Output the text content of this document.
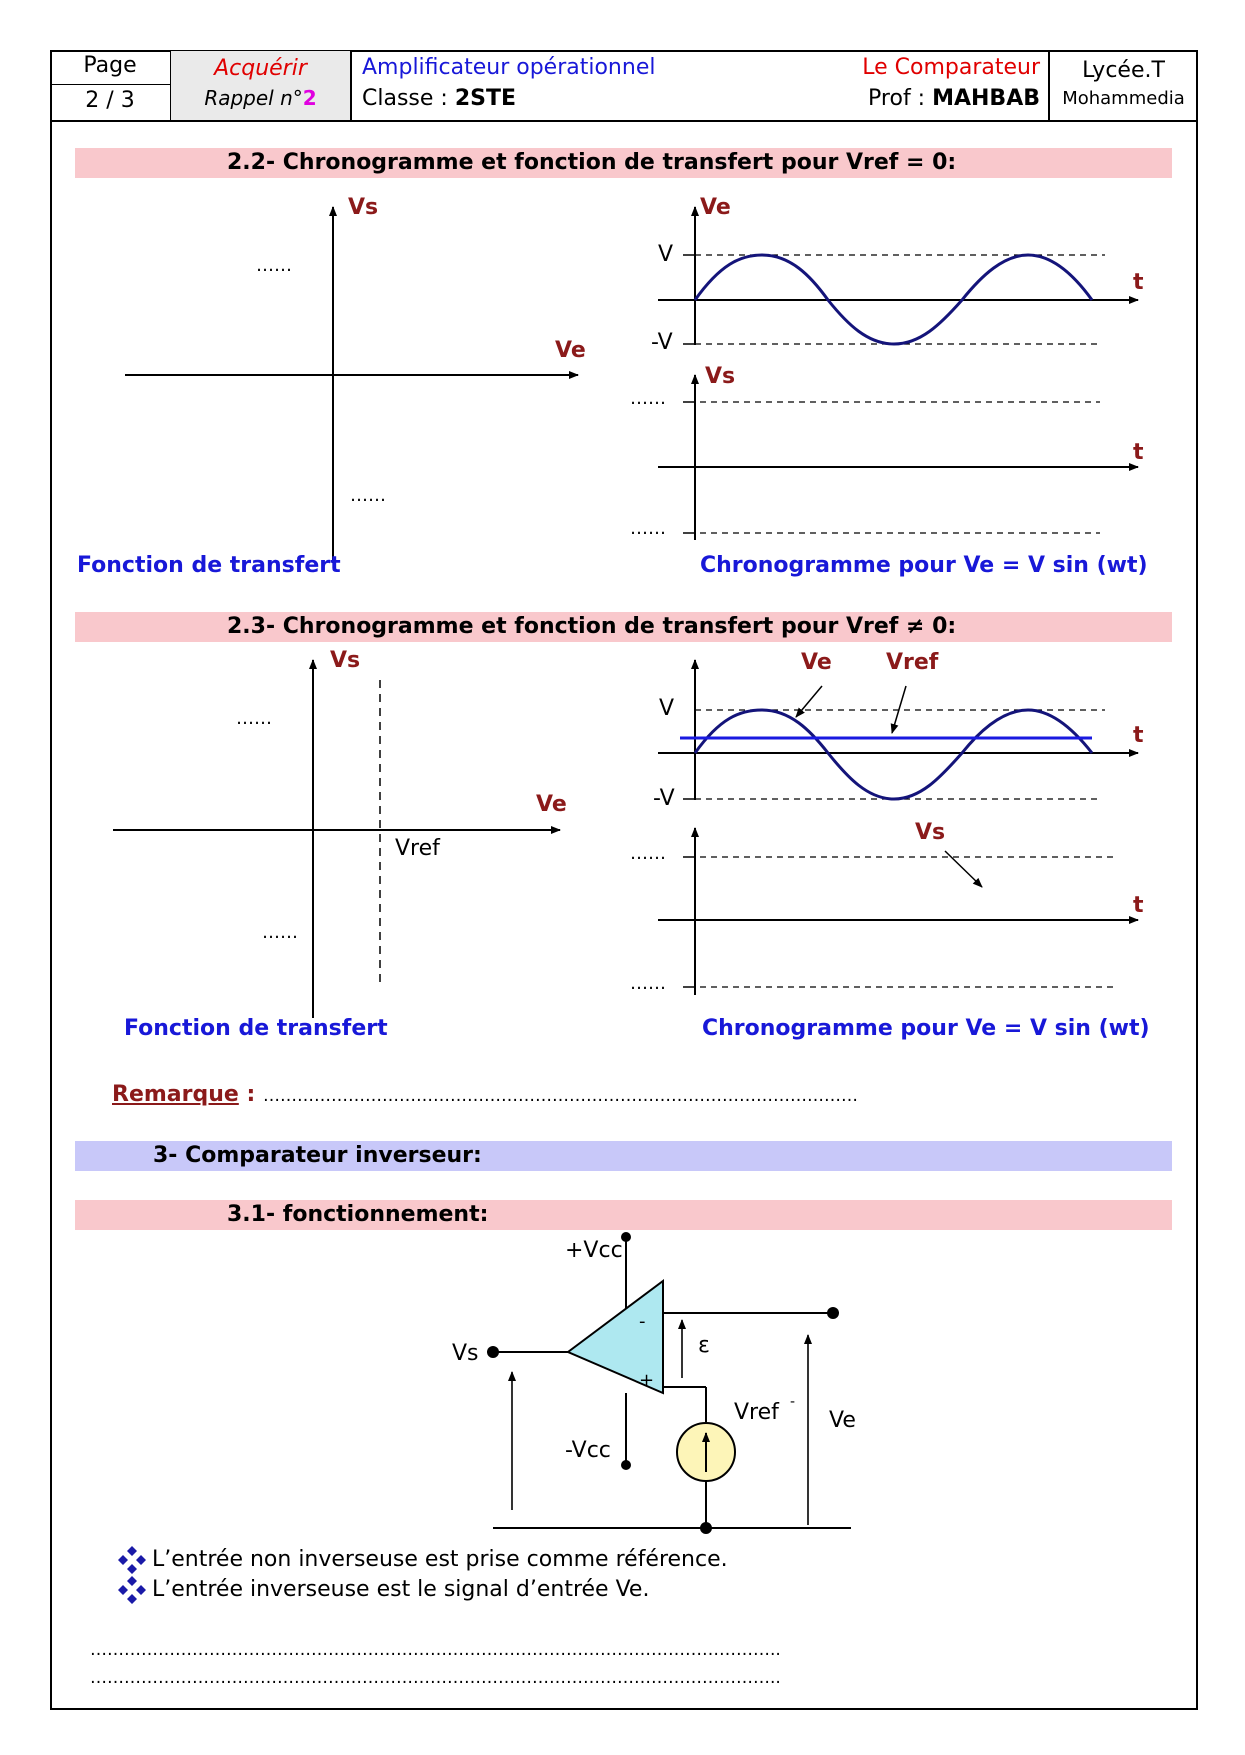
Page
2 / 3
Acquérir
Rappel n°2
Amplificateur opérationnel
Classe : 2STE
Le Comparateur
Prof : MAHBAB
Lycée.T
Mohammedia
2.2- Chronogramme et fonction de transfert pour Vref = 0:
2.3- Chronogramme et fonction de transfert pour Vref ≠ 0:
3- Comparateur inverseur:
3.1- fonctionnement:
Vs
Ve
……
……
Fonction de transfert
Ve
V
-V
t
Vs
t
……
……
Chronogramme pour Ve = V sin (wt)
Vs
Ve
Vref
……
……
Fonction de transfert
Ve Vref
V
-V
t
Vs
t
……
……
Chronogramme pour Ve = V sin (wt)
Remarque : ……………………………………………………………………………………………
+Vcc
-Vcc
Vs	ε
-
+
Vref -
Ve
L’entrée non inverseuse est prise comme référence.
L’entrée inverseuse est le signal d’entrée Ve.
…………………………………………………………………………………………………………..
…………………………………………………………………………………………………………..
